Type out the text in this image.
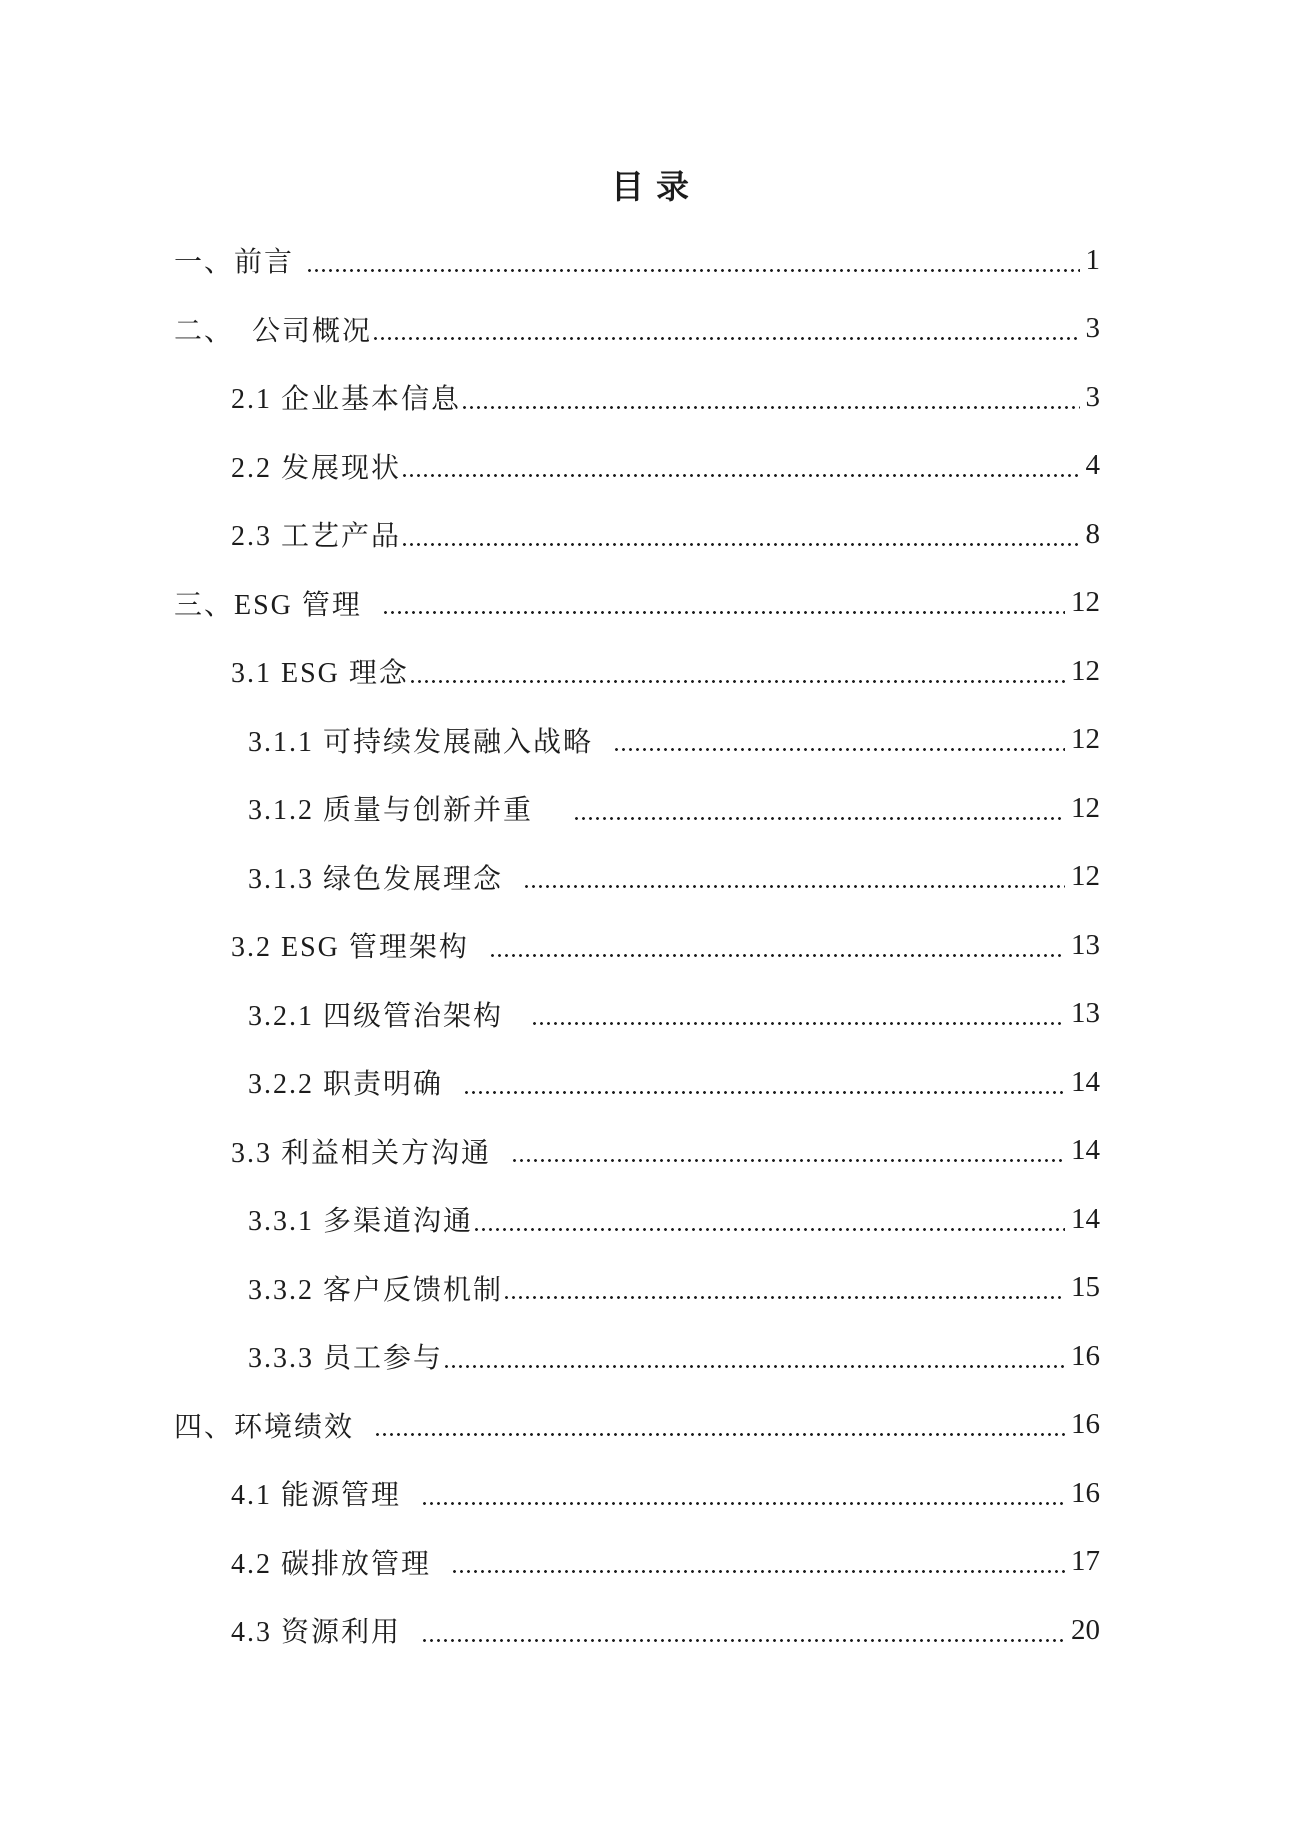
目录
一、前言	1
二、  公司概况	3
2.1 企业基本信息	3
2.2 发展现状	4
2.3 工艺产品	8
三、ESG 管理	12
3.1 ESG 理念	12
3.1.1 可持续发展融入战略	12
3.1.2 质量与创新并重	12
3.1.3 绿色发展理念	12
3.2 ESG 管理架构	13
3.2.1 四级管治架构	13
3.2.2 职责明确	14
3.3 利益相关方沟通	14
3.3.1 多渠道沟通	14
3.3.2 客户反馈机制	15
3.3.3 员工参与	16
四、环境绩效	16
4.1 能源管理	16
4.2 碳排放管理	17
4.3 资源利用	20
